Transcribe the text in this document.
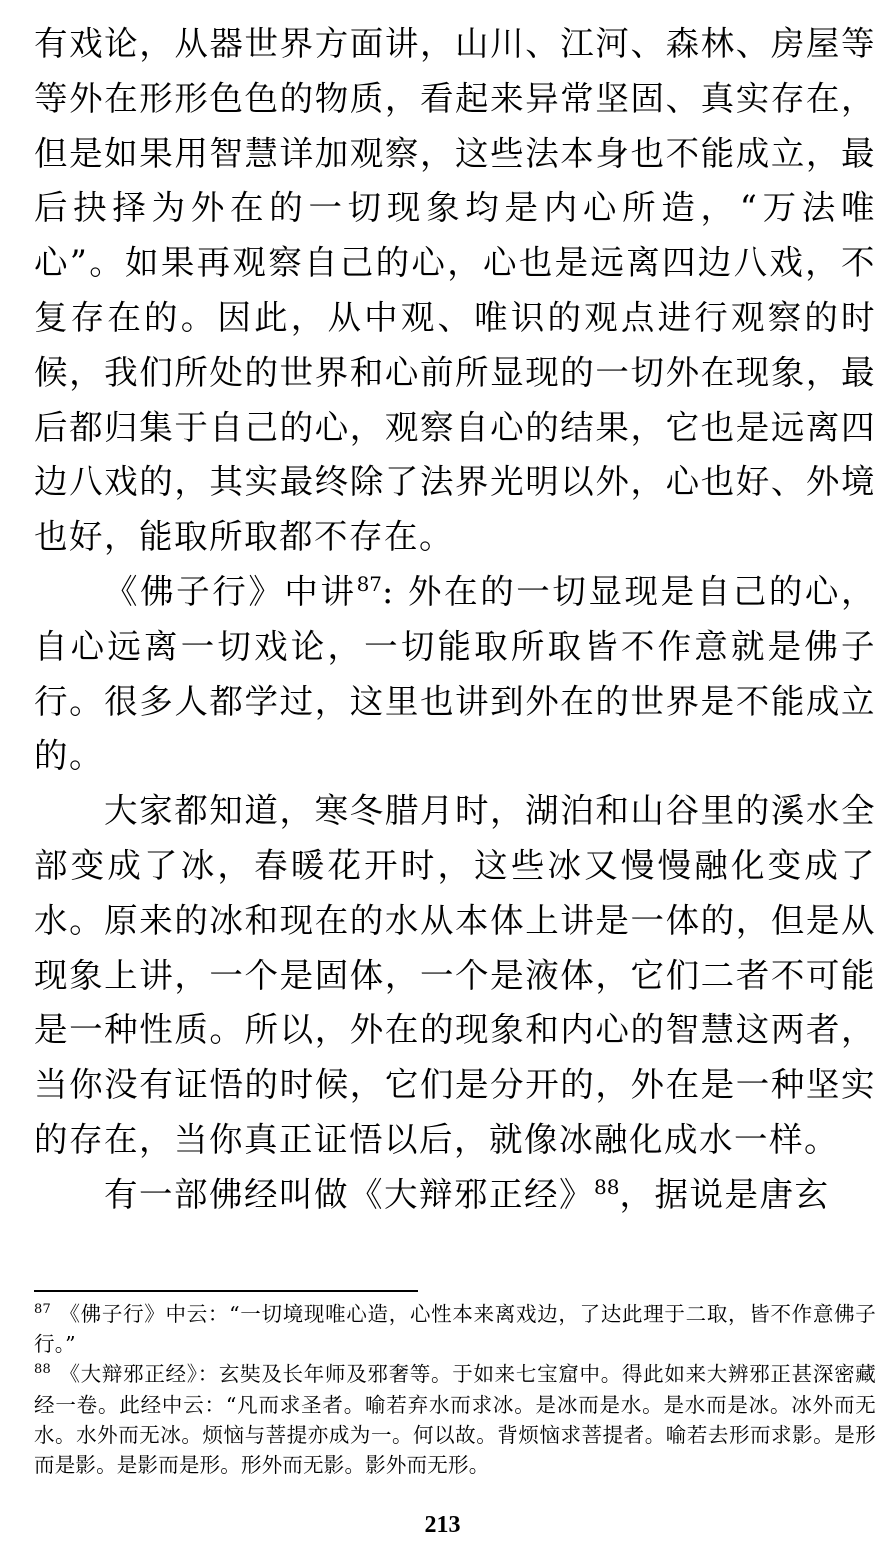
有戏论，从器世界方面讲，山川、江河、森林、房屋等等外在形形色色的物质，看起来异常坚固、真实存在，但是如果用智慧详加观察，这些法本身也不能成立，最后抉择为外在的一切现象均是内心所造，“万法唯心”。如果再观察自己的心，心也是远离四边八戏，不复存在的。因此，从中观、唯识的观点进行观察的时候，我们所处的世界和心前所显现的一切外在现象，最后都归集于自己的心，观察自心的结果，它也是远离四边八戏的，其实最终除了法界光明以外，心也好、外境也好，能取所取都不存在。

《佛子行》中讲$^{87}$: 外在的一切显现是自己的心，自心远离一切戏论，一切能取所取皆不作意就是佛子行。很多人都学过，这里也讲到外在的世界是不能成立的。

大家都知道，寒冬腊月时，湖泊和山谷里的溪水全部变成了冰，春暖花开时，这些冰又慢慢融化变成了水。原来的冰和现在的水从本体上讲是一体的，但是从现象上讲，一个是固体，一个是液体，它们二者不可能是一种性质。所以，外在的现象和内心的智慧这两者，当你没有证悟的时候，它们是分开的，外在是一种坚实的存在，当你真正证悟以后，就像冰融化成水一样。

有一部佛经叫做《大辩邪正经》$^{88}$，据说是唐玄

$^{87}$ 《佛子行》中云：“一切境现唯心造，心性本来离戏边，了达此理于二取，皆不作意佛子行。”

$^{88}$ 《大辩邪正经》：玄奘及长年师及邪奢等。于如来七宝窟中。得此如来大辨邪正甚深密藏经一卷。此经中云：“凡而求圣者。喻若弃水而求冰。是冰而是水。是水而是冰。冰外而无水。水外而无冰。烦恼与菩提亦成为一。何以故。背烦恼求菩提者。喻若去形而求影。是形而是影。是影而是形。形外而无影。影外而无形。

213
